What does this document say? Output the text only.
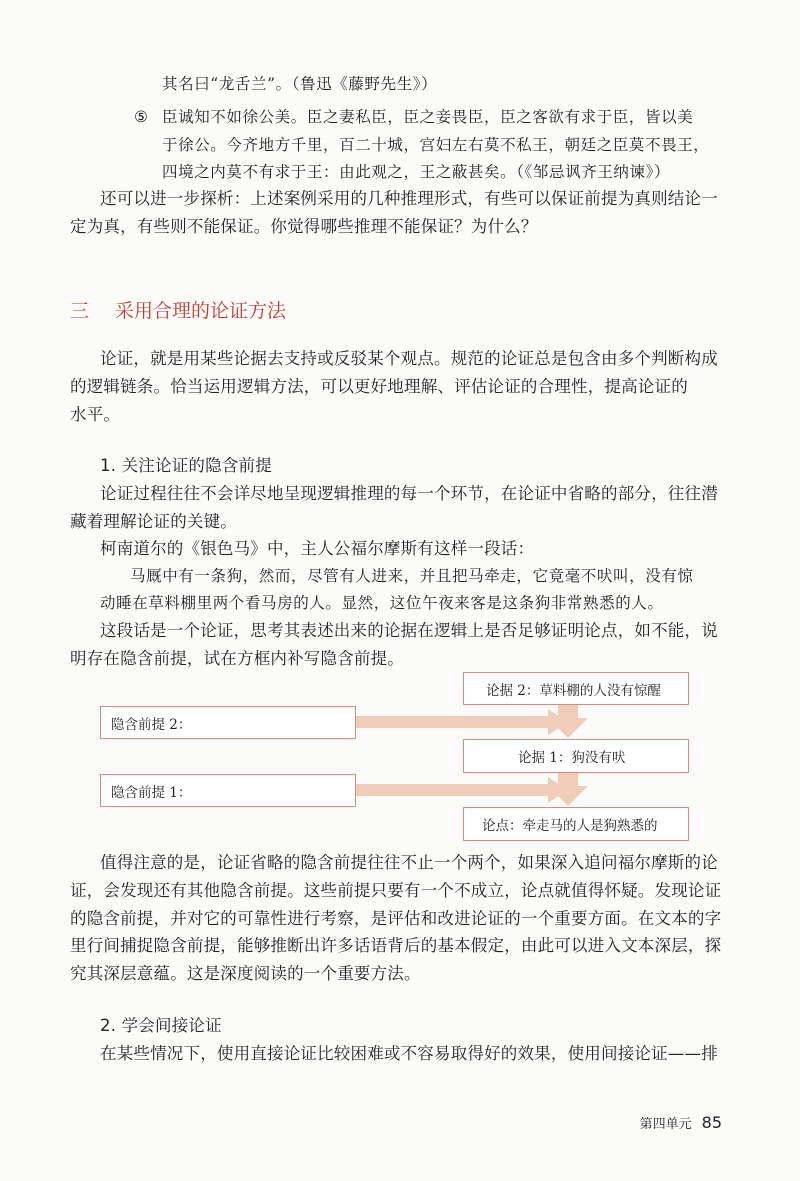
其名曰“龙舌兰”。（鲁迅《藤野先生》）
⑤ 臣诚知不如徐公美。臣之妻私臣，臣之妾畏臣，臣之客欲有求于臣，皆以美
于徐公。今齐地方千里，百二十城，宫妇左右莫不私王，朝廷之臣莫不畏王，
四境之内莫不有求于王：由此观之，王之蔽甚矣。（《邹忌讽齐王纳谏》）
还可以进一步探析：上述案例采用的几种推理形式，有些可以保证前提为真则结论一
定为真，有些则不能保证。你觉得哪些推理不能保证？为什么？
三 采用合理的论证方法
论证，就是用某些论据去支持或反驳某个观点。规范的论证总是包含由多个判断构成
的逻辑链条。恰当运用逻辑方法，可以更好地理解、评估论证的合理性，提高论证的
水平。
1. 关注论证的隐含前提
论证过程往往不会详尽地呈现逻辑推理的每一个环节，在论证中省略的部分，往往潜
藏着理解论证的关键。
柯南道尔的《银色马》中，主人公福尔摩斯有这样一段话：
马厩中有一条狗，然而，尽管有人进来，并且把马牵走，它竟毫不吠叫，没有惊
动睡在草料棚里两个看马房的人。显然，这位午夜来客是这条狗非常熟悉的人。
这段话是一个论证，思考其表述出来的论据在逻辑上是否足够证明论点，如不能，说
明存在隐含前提，试在方框内补写隐含前提。
论据 2：草料棚的人没有惊醒
隐含前提 2：
论据 1：狗没有吠
隐含前提 1：
论点：牵走马的人是狗熟悉的
值得注意的是，论证省略的隐含前提往往不止一个两个，如果深入追问福尔摩斯的论
证，会发现还有其他隐含前提。这些前提只要有一个不成立，论点就值得怀疑。发现论证
的隐含前提，并对它的可靠性进行考察，是评估和改进论证的一个重要方面。在文本的字
里行间捕捉隐含前提，能够推断出许多话语背后的基本假定，由此可以进入文本深层，探
究其深层意蕴。这是深度阅读的一个重要方法。
2. 学会间接论证
在某些情况下，使用直接论证比较困难或不容易取得好的效果，使用间接论证——排
第四单元 85
